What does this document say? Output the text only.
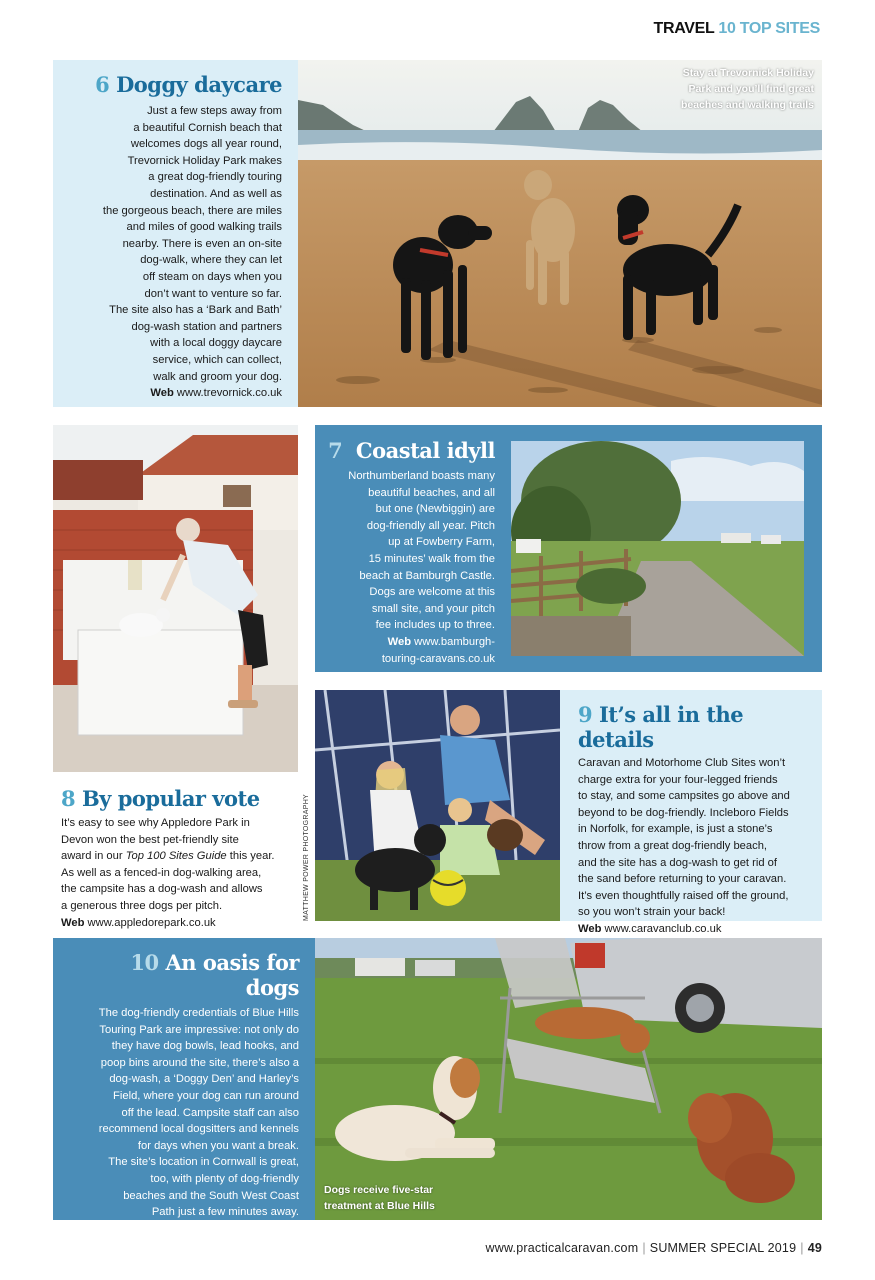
TRAVEL 10 TOP SITES
6 Doggy daycare
Just a few steps away from
a beautiful Cornish beach that
welcomes dogs all year round,
Trevornick Holiday Park makes
a great dog-friendly touring
destination. And as well as
the gorgeous beach, there are miles
and miles of good walking trails
nearby. There is even an on-site
dog-walk, where they can let
off steam on days when you
don’t want to venture so far.
The site also has a ‘Bark and Bath’
dog-wash station and partners
with a local doggy daycare
service, which can collect,
walk and groom your dog.
Web www.trevornick.co.uk
Stay at Trevornick Holiday
Park and you’ll find great
beaches and walking trails
7 Coastal idyll
Northumberland boasts many
beautiful beaches, and all
but one (Newbiggin) are
dog-friendly all year. Pitch
up at Fowberry Farm,
15 minutes’ walk from the
beach at Bamburgh Castle.
Dogs are welcome at this
small site, and your pitch
fee includes up to three.
Web www.bamburgh-
touring-caravans.co.uk
8 By popular vote
It’s easy to see why Appledore Park in
Devon won the best pet-friendly site
award in our Top 100 Sites Guide this year.
As well as a fenced-in dog-walking area,
the campsite has a dog-wash and allows
a generous three dogs per pitch.
Web www.appledorepark.co.uk
MATTHEW POWER PHOTOGRAPHY
9 It’s all in the details
Caravan and Motorhome Club Sites won’t
charge extra for your four-legged friends
to stay, and some campsites go above and
beyond to be dog-friendly. Incleboro Fields
in Norfolk, for example, is just a stone’s
throw from a great dog-friendly beach,
and the site has a dog-wash to get rid of
the sand before returning to your caravan.
It’s even thoughtfully raised off the ground,
so you won’t strain your back!
Web www.caravanclub.co.uk
10 An oasis for dogs
The dog-friendly credentials of Blue Hills
Touring Park are impressive: not only do
they have dog bowls, lead hooks, and
poop bins around the site, there’s also a
dog-wash, a ‘Doggy Den’ and Harley’s
Field, where your dog can run around
off the lead. Campsite staff can also
recommend local dogsitters and kennels
for days when you want a break.
The site’s location in Cornwall is great,
too, with plenty of dog-friendly
beaches and the South West Coast
Path just a few minutes away.
Web www.bluehillscamping.co.uk
Dogs receive five-star
treatment at Blue Hills
www.practicalcaravan.com | SUMMER SPECIAL 2019 | 49
